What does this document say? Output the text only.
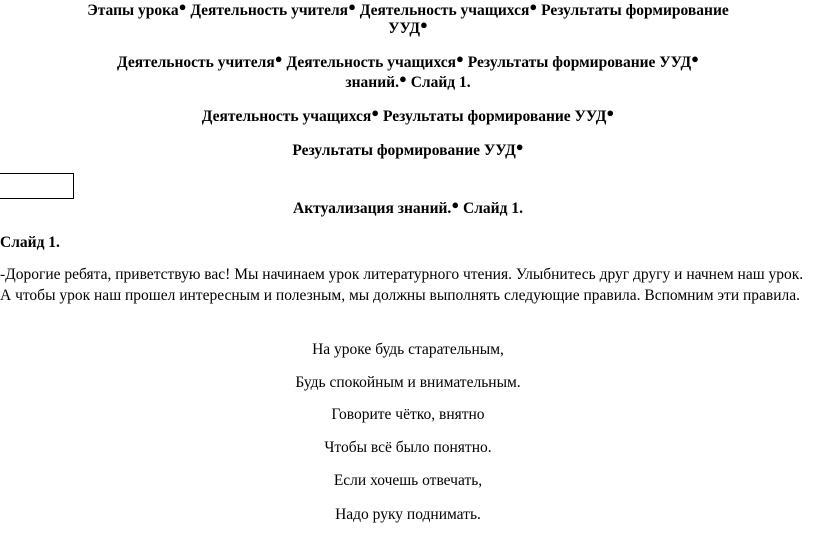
Этапы урока● Деятельность учителя● Деятельность учащихся● Результаты формирование
УУД●
Деятельность учителя● Деятельность учащихся● Результаты формирование УУД●
знаний.● Слайд 1.
Деятельность учащихся● Результаты формирование УУД●
Результаты формирование УУД●
Актуализация знаний.● Слайд 1.
Слайд 1.
-Дорогие ребята, приветствую вас! Мы начинаем урок литературного чтения. Улыбнитесь друг другу и начнем наш урок. А чтобы урок наш прошел интересным и полезным, мы должны выполнять следующие правила. Вспомним эти правила.
На уроке будь старательным,
Будь спокойным и внимательным.
Говорите чётко, внятно
Чтобы всё было понятно.
Если хочешь отвечать,
Надо руку поднимать.
